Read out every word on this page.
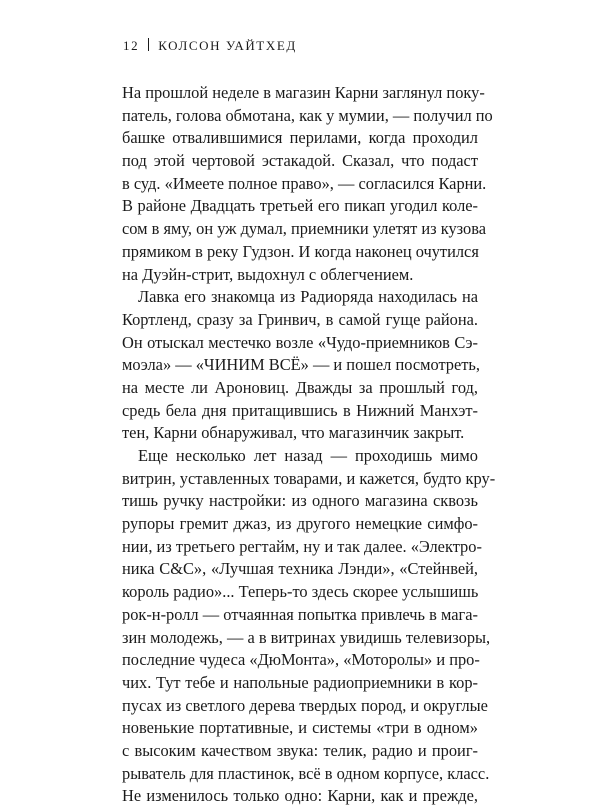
12 КОЛСОН УАЙТХЕД
На прошлой неделе в магазин Карни заглянул поку-
патель, голова обмотана, как у мумии, — получил по
башке отвалившимися перилами, когда проходил
под этой чертовой эстакадой. Сказал, что подаст
в суд. «Имеете полное право», — согласился Карни.
В районе Двадцать третьей его пикап угодил коле-
сом в яму, он уж думал, приемники улетят из кузова
прямиком в реку Гудзон. И когда наконец очутился
на Дуэйн-стрит, выдохнул с облегчением.
Лавка его знакомца из Радиоряда находилась на
Кортленд, сразу за Гринвич, в самой гуще района.
Он отыскал местечко возле «Чудо-приемников Сэ-
моэла» — «ЧИНИМ ВСЁ» — и пошел посмотреть,
на месте ли Ароновиц. Дважды за прошлый год,
средь бела дня притащившись в Нижний Манхэт-
тен, Карни обнаруживал, что магазинчик закрыт.
Еще несколько лет назад — проходишь мимо
витрин, уставленных товарами, и кажется, будто кру-
тишь ручку настройки: из одного магазина сквозь
рупоры гремит джаз, из другого немецкие симфо-
нии, из третьего регтайм, ну и так далее. «Электро-
ника С&С», «Лучшая техника Лэнди», «Стейнвей,
король радио»... Теперь-то здесь скорее услышишь
рок-н-ролл — отчаянная попытка привлечь в мага-
зин молодежь, — а в витринах увидишь телевизоры,
последние чудеса «ДюМонта», «Моторолы» и про-
чих. Тут тебе и напольные радиоприемники в кор-
пусах из светлого дерева твердых пород, и округлые
новенькие портативные, и системы «три в одном»
с высоким качеством звука: телик, радио и проиг-
рыватель для пластинок, всё в одном корпусе, класс.
Не изменилось только одно: Карни, как и прежде,
